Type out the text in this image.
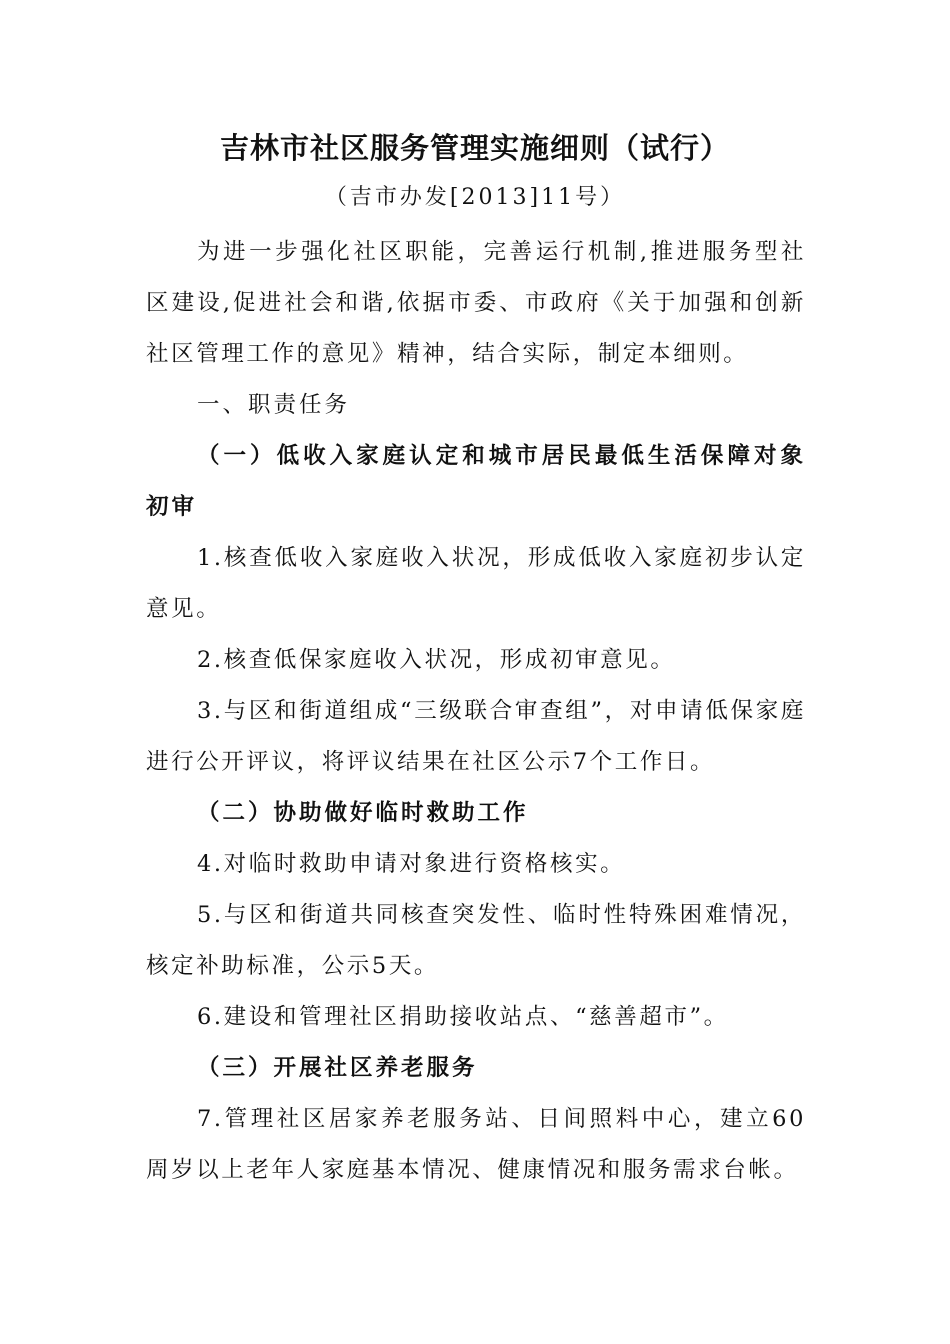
吉林市社区服务管理实施细则（试行）
（吉市办发[2013]11号）

为进一步强化社区职能，完善运行机制,推进服务型社区建设,促进社会和谐,依据市委、市政府《关于加强和创新社区管理工作的意见》精神，结合实际，制定本细则。

一、职责任务

（一）低收入家庭认定和城市居民最低生活保障对象初审

1.核查低收入家庭收入状况，形成低收入家庭初步认定意见。

2.核查低保家庭收入状况，形成初审意见。

3.与区和街道组成“三级联合审查组”，对申请低保家庭进行公开评议，将评议结果在社区公示7个工作日。

（二）协助做好临时救助工作

4.对临时救助申请对象进行资格核实。

5.与区和街道共同核查突发性、临时性特殊困难情况，核定补助标准，公示5天。

6.建设和管理社区捐助接收站点、“慈善超市”。

（三）开展社区养老服务

7.管理社区居家养老服务站、日间照料中心，建立60周岁以上老年人家庭基本情况、健康情况和服务需求台帐。
